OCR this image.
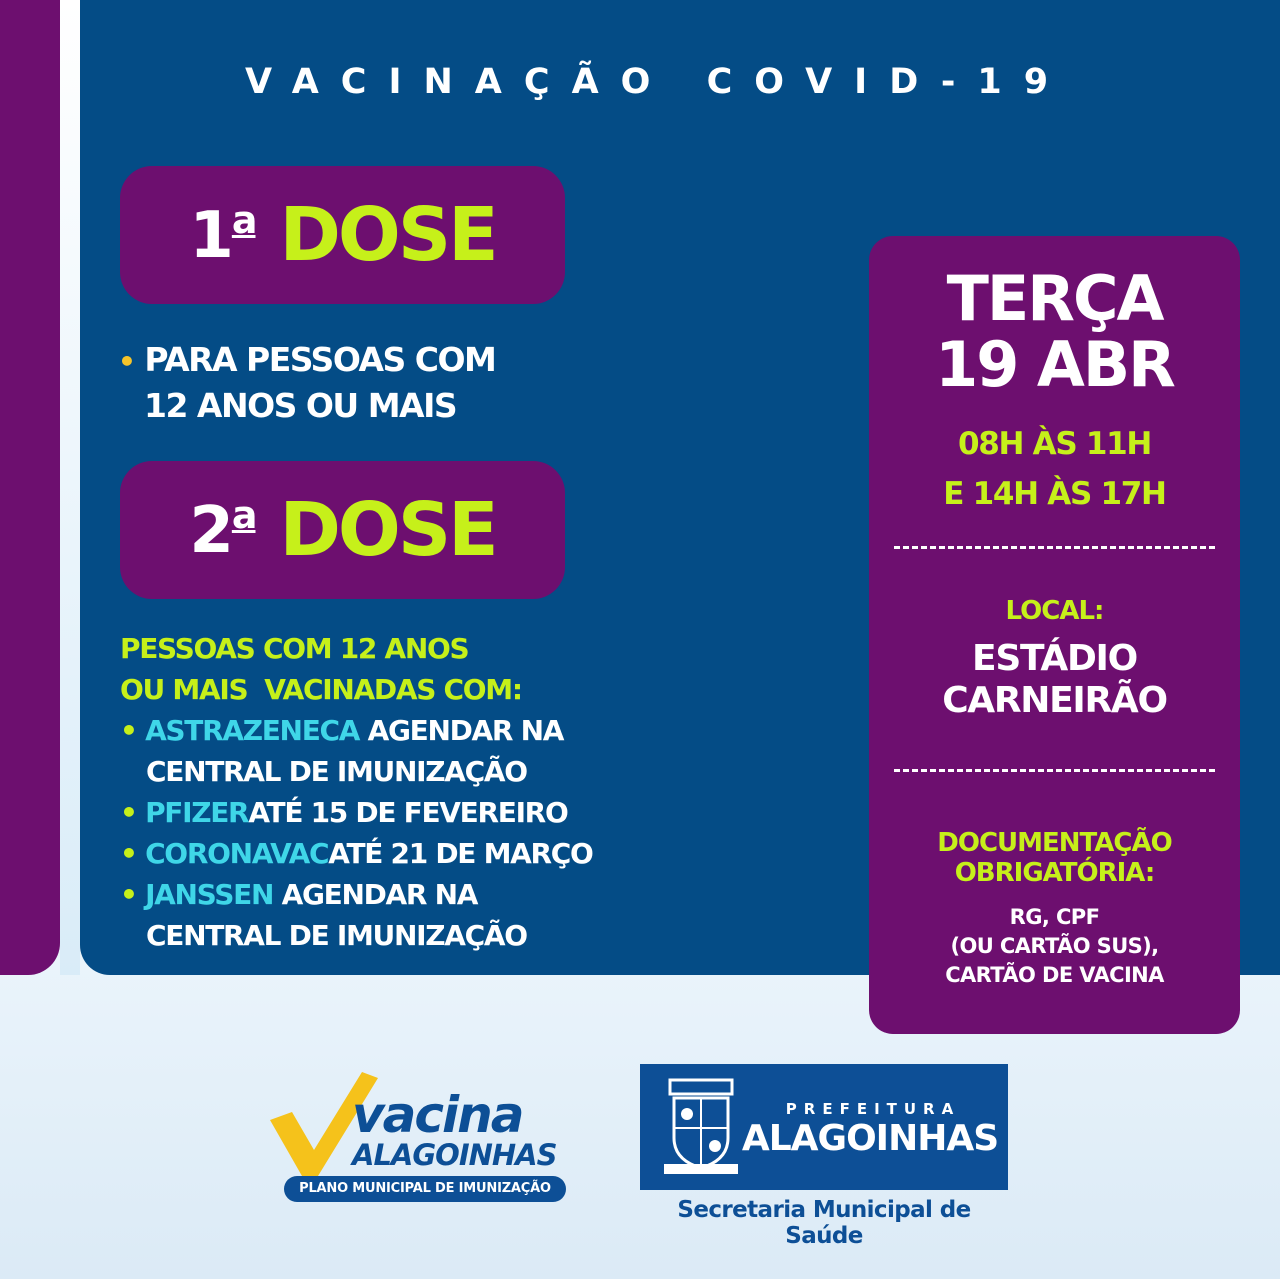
VACINAÇÃO COVID-19
1$^a$ DOSE
• PARA PESSOAS COM
12 ANOS OU MAIS
2$^a$ DOSE
PESSOAS COM 12 ANOS
OU MAIS  VACINADAS COM:
• ASTRAZENECA AGENDAR NA
CENTRAL DE IMUNIZAÇÃO
• PFIZERATÉ 15 DE FEVEREIRO
• CORONAVACATÉ 21 DE MARÇO
• JANSSEN AGENDAR NA
CENTRAL DE IMUNIZAÇÃO
TERÇA
19 ABR
08H ÀS 11H
E 14H ÀS 17H
LOCAL:
ESTÁDIO
CARNEIRÃO
DOCUMENTAÇÃO
OBRIGATÓRIA:
RG, CPF
(OU CARTÃO SUS),
CARTÃO DE VACINA
vacina
ALAGOINHAS
PLANO MUNICIPAL DE IMUNIZAÇÃO
PREFEITURA
ALAGOINHAS
Secretaria Municipal de Saúde
